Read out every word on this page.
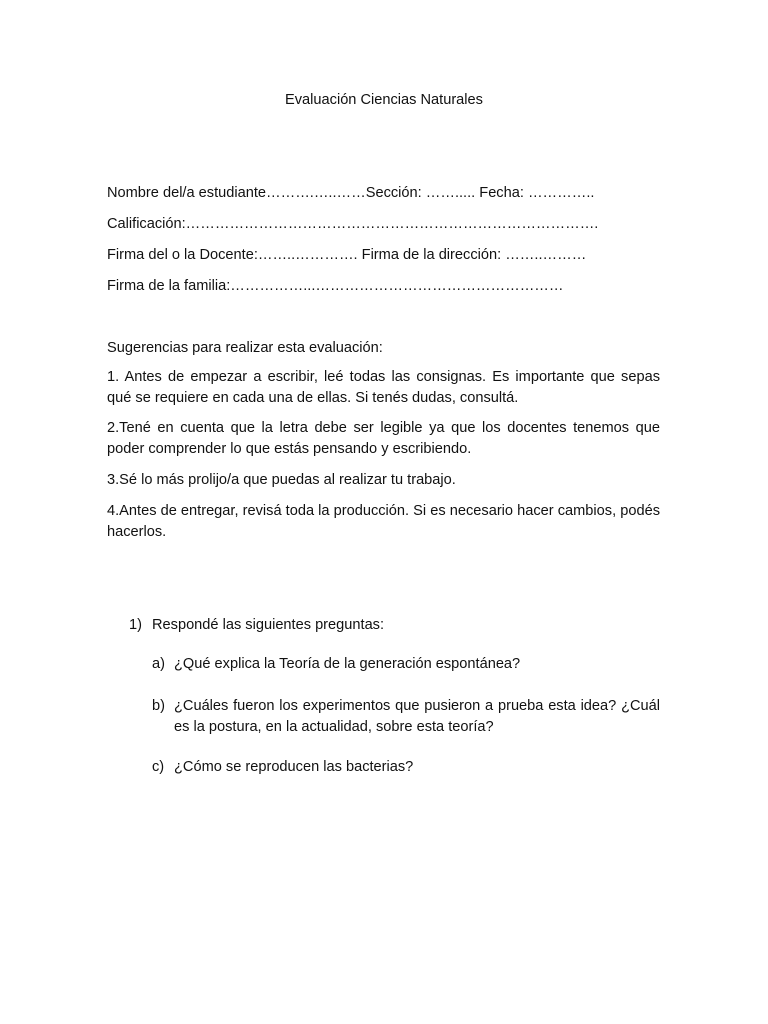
Evaluación Ciencias Naturales
Nombre del/a estudiante……….…..……Sección: ……..... Fecha: …………..
Calificación:………………………………………………………………………….
Firma del o la Docente:……..…………. Firma de la dirección: ……..………
Firma de la familia:……………...……………………………………………
Sugerencias para realizar esta evaluación:
1. Antes de empezar a escribir, leé todas las consignas. Es importante que sepas qué se requiere en cada una de ellas. Si tenés dudas, consultá.
2.Tené en cuenta que la letra debe ser legible ya que los docentes tenemos que poder comprender lo que estás pensando y escribiendo.
3.Sé lo más prolijo/a que puedas al realizar tu trabajo.
4.Antes de entregar, revisá toda la producción. Si es necesario hacer cambios, podés hacerlos.
1) Respondé las siguientes preguntas:
a) ¿Qué explica la Teoría de la generación espontánea?
b) ¿Cuáles fueron los experimentos que pusieron a prueba esta idea? ¿Cuál es la postura, en la actualidad, sobre esta teoría?
c) ¿Cómo se reproducen las bacterias?
